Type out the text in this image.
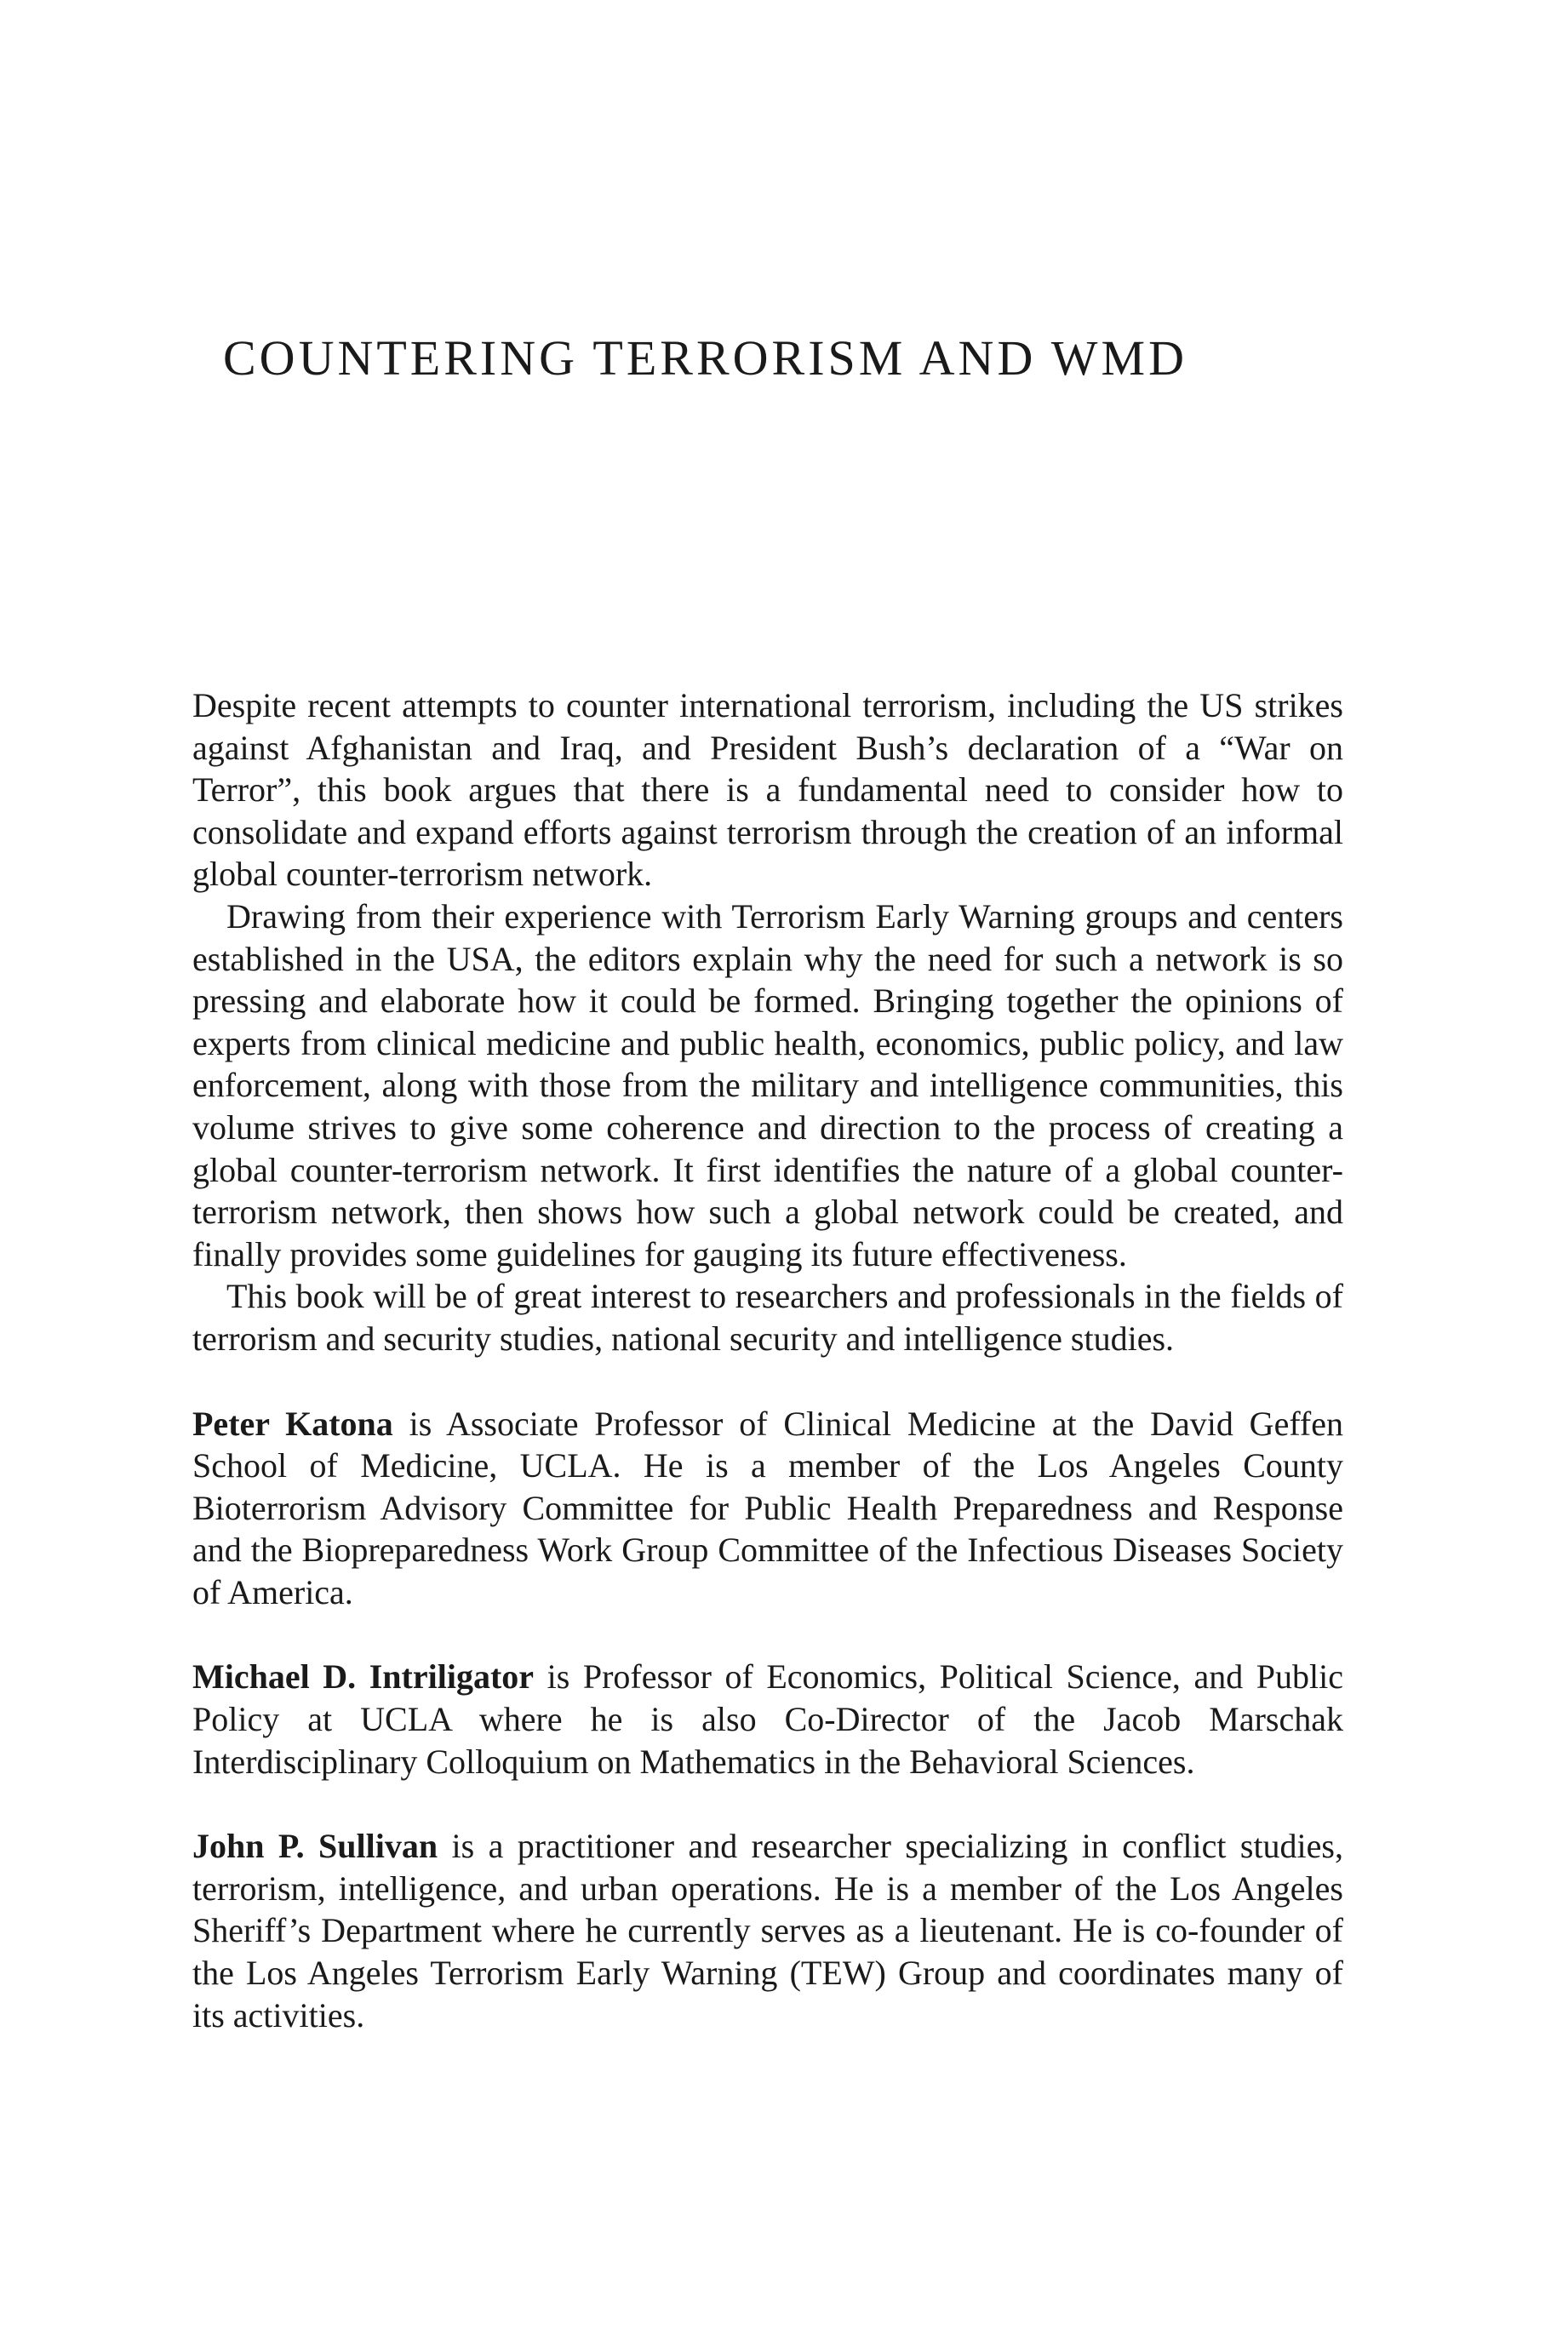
COUNTERING TERRORISM AND WMD

Despite recent attempts to counter international terrorism, including the US strikes against Afghanistan and Iraq, and President Bush’s declaration of a “War on Terror”, this book argues that there is a fundamental need to consider how to consolidate and expand efforts against terrorism through the creation of an informal global counter-terrorism network.

Drawing from their experience with Terrorism Early Warning groups and centers established in the USA, the editors explain why the need for such a network is so pressing and elaborate how it could be formed. Bringing together the opinions of experts from clinical medicine and public health, economics, public policy, and law enforcement, along with those from the military and intelligence communities, this volume strives to give some coherence and direction to the process of creating a global counter-terrorism network. It first identifies the nature of a global counter-terrorism network, then shows how such a global network could be created, and finally provides some guidelines for gauging its future effectiveness.

This book will be of great interest to researchers and professionals in the fields of terrorism and security studies, national security and intelligence studies.

Peter Katona is Associate Professor of Clinical Medicine at the David Geffen School of Medicine, UCLA. He is a member of the Los Angeles County Bioterrorism Advisory Committee for Public Health Preparedness and Response and the Biopreparedness Work Group Committee of the Infectious Diseases Society of America.

Michael D. Intriligator is Professor of Economics, Political Science, and Public Policy at UCLA where he is also Co-Director of the Jacob Marschak Interdisciplinary Colloquium on Mathematics in the Behavioral Sciences.

John P. Sullivan is a practitioner and researcher specializing in conflict studies, terrorism, intelligence, and urban operations. He is a member of the Los Angeles Sheriff’s Department where he currently serves as a lieutenant. He is co-founder of the Los Angeles Terrorism Early Warning (TEW) Group and coordinates many of its activities.
